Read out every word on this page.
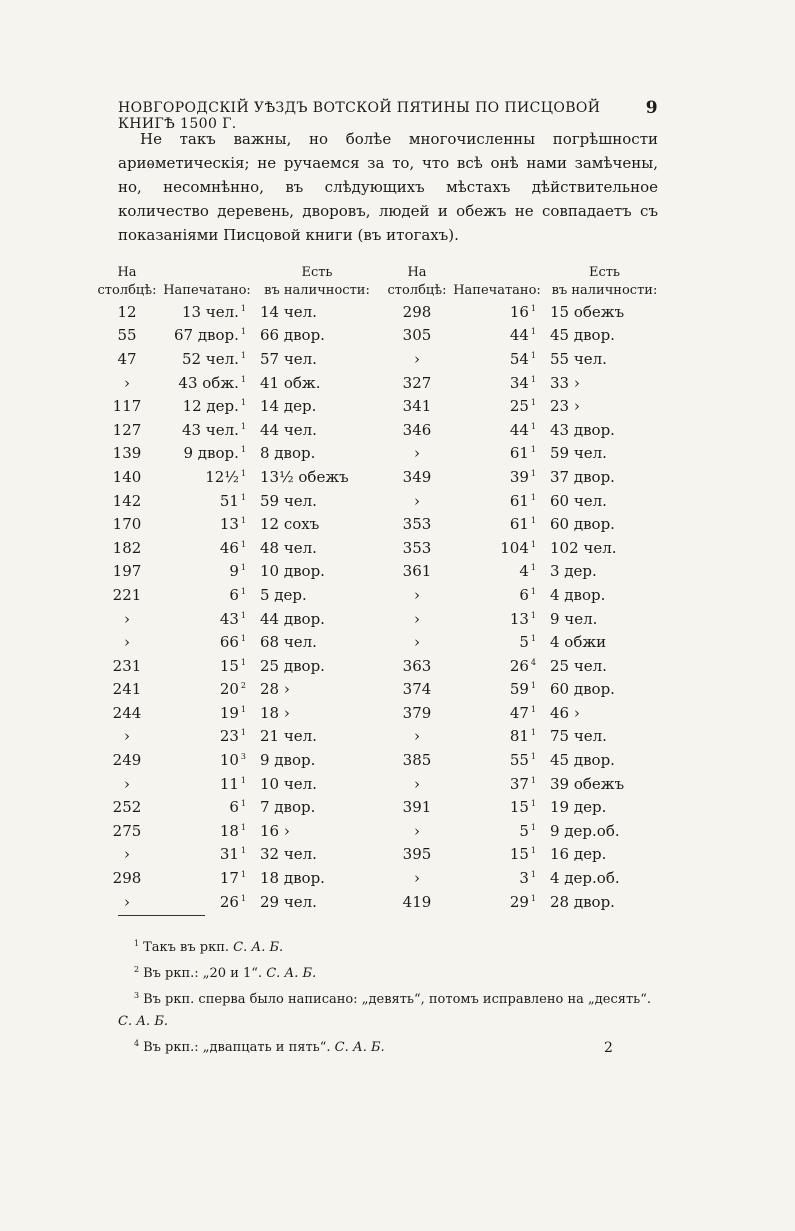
НОВГОРОДСКІЙ УѢЗДЪ ВОТСКОЙ ПЯТИНЫ ПО ПИСЦОВОЙ КНИГѢ 1500 Г.
9

Не такъ важны, но болѣе многочисленны погрѣшности ариѳметическія; не ручаемся за то, что всѣ онѣ нами замѣчены, но, несомнѣнно, въ слѣдующихъ мѣстахъ дѣйствительное количество деревень, дворовъ, людей и обежъ не совпадаетъ съ показаніями Писцовой книги (въ итогахъ).

На		Есть	На		Есть
столбцѣ:	Напечатано:	въ наличности:	столбцѣ:	Напечатано:	въ наличности:
12	13 чел. $^1$	14 чел.	298	16 $^1$	15 обежъ
55	67 двор. $^1$	66 двор.	305	44 $^1$	45 двор.
47	52 чел. $^1$	57 чел.	›	54 $^1$	55 чел.
›	43 обж. $^1$	41 обж.	327	34 $^1$	33 ›
117	12 дер. $^1$	14 дер.	341	25 $^1$	23 ›
127	43 чел. $^1$	44 чел.	346	44 $^1$	43 двор.
139	9 двор. $^1$	8 двор.	›	61 $^1$	59 чел.
140	12½ $^1$	13½ обежъ	349	39 $^1$	37 двор.
142	51 $^1$	59 чел.	›	61 $^1$	60 чел.
170	13 $^1$	12 сохъ	353	61 $^1$	60 двор.
182	46 $^1$	48 чел.	353	104 $^1$	102 чел.
197	9 $^1$	10 двор.	361	4 $^1$	3 дер.
221	6 $^1$	5 дер.	›	6 $^1$	4 двор.
›	43 $^1$	44 двор.	›	13 $^1$	9 чел.
›	66 $^1$	68 чел.	›	5 $^1$	4 обжи
231	15 $^1$	25 двор.	363	26 $^4$	25 чел.
241	20 $^2$	28 ›	374	59 $^1$	60 двор.
244	19 $^1$	18 ›	379	47 $^1$	46 ›
›	23 $^1$	21 чел.	›	81 $^1$	75 чел.
249	10 $^3$	9 двор.	385	55 $^1$	45 двор.
›	11 $^1$	10 чел.	›	37 $^1$	39 обежъ
252	6 $^1$	7 двор.	391	15 $^1$	19 дер.
275	18 $^1$	16 ›	›	5 $^1$	9 дер.об.
›	31 $^1$	32 чел.	395	15 $^1$	16 дер.
298	17 $^1$	18 двор.	›	3 $^1$	4 дер.об.
›	26 $^1$	29 чел.	419	29 $^1$	28 двор.

$^1$ Такъ въ ркп. С. А. Б.

$^2$ Въ ркп.: „20 и 1“. С. А. Б.

$^3$ Въ ркп. сперва было написано: „девять“, потомъ исправлено на „десять“. С. А. Б.

$^4$ Въ ркп.: „двапцать и пять“. С. А. Б.	2
